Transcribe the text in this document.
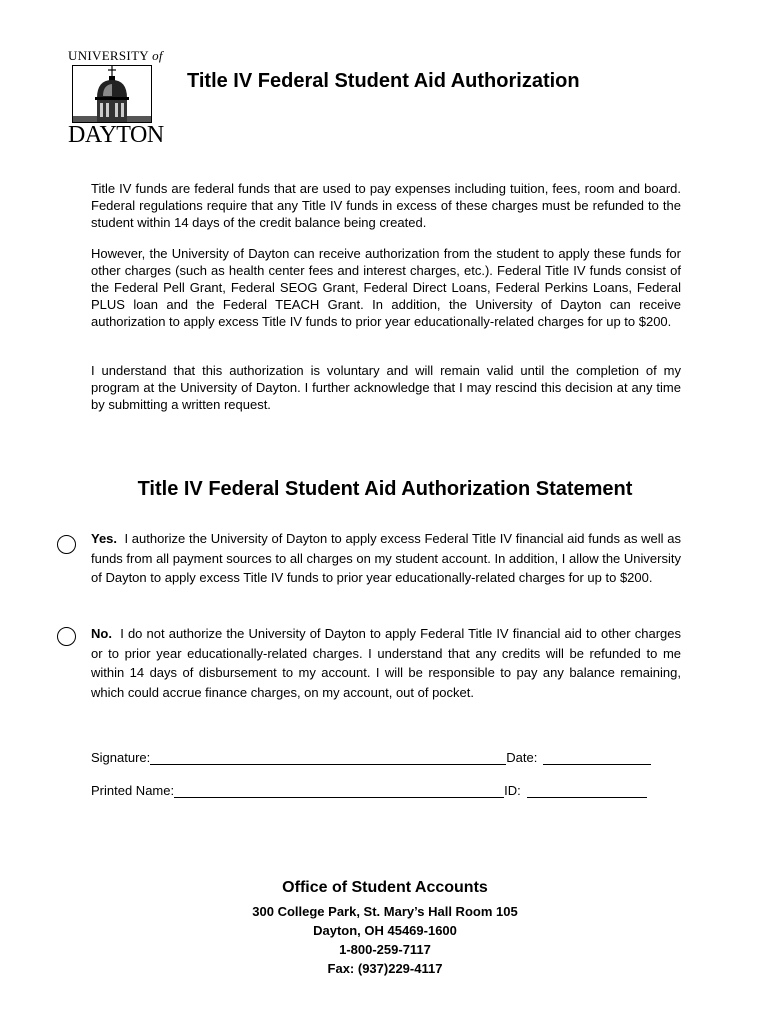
UNIVERSITY of
DAYTON
Title IV Federal Student Aid Authorization

Title IV funds are federal funds that are used to pay expenses including tuition, fees, room and board. Federal regulations require that any Title IV funds in excess of these charges must be refunded to the student within 14 days of the credit balance being created.

However, the University of Dayton can receive authorization from the student to apply these funds for other charges (such as health center fees and interest charges, etc.). Federal Title IV funds consist of the Federal Pell Grant, Federal SEOG Grant, Federal Direct Loans, Federal Perkins Loans, Federal PLUS loan and the Federal TEACH Grant. In addition, the University of Dayton can receive authorization to apply excess Title IV funds to prior year educationally-related charges for up to $200.

I understand that this authorization is voluntary and will remain valid until the completion of my program at the University of Dayton. I further acknowledge that I may rescind this decision at any time by submitting a written request.

Title IV Federal Student Aid Authorization Statement

Yes. I authorize the University of Dayton to apply excess Federal Title IV financial aid funds as well as funds from all payment sources to all charges on my student account. In addition, I allow the University of Dayton to apply excess Title IV funds to prior year educationally-related charges for up to $200.

No. I do not authorize the University of Dayton to apply Federal Title IV financial aid to other charges or to prior year educationally-related charges. I understand that any credits will be refunded to me within 14 days of disbursement to my account. I will be responsible to pay any balance remaining, which could accrue finance charges, on my account, out of pocket.

Signature:	Date:
Printed Name:	ID:
Office of Student Accounts
300 College Park, St. Mary’s Hall Room 105
Dayton, OH 45469-1600
1-800-259-7117
Fax: (937)229-4117
